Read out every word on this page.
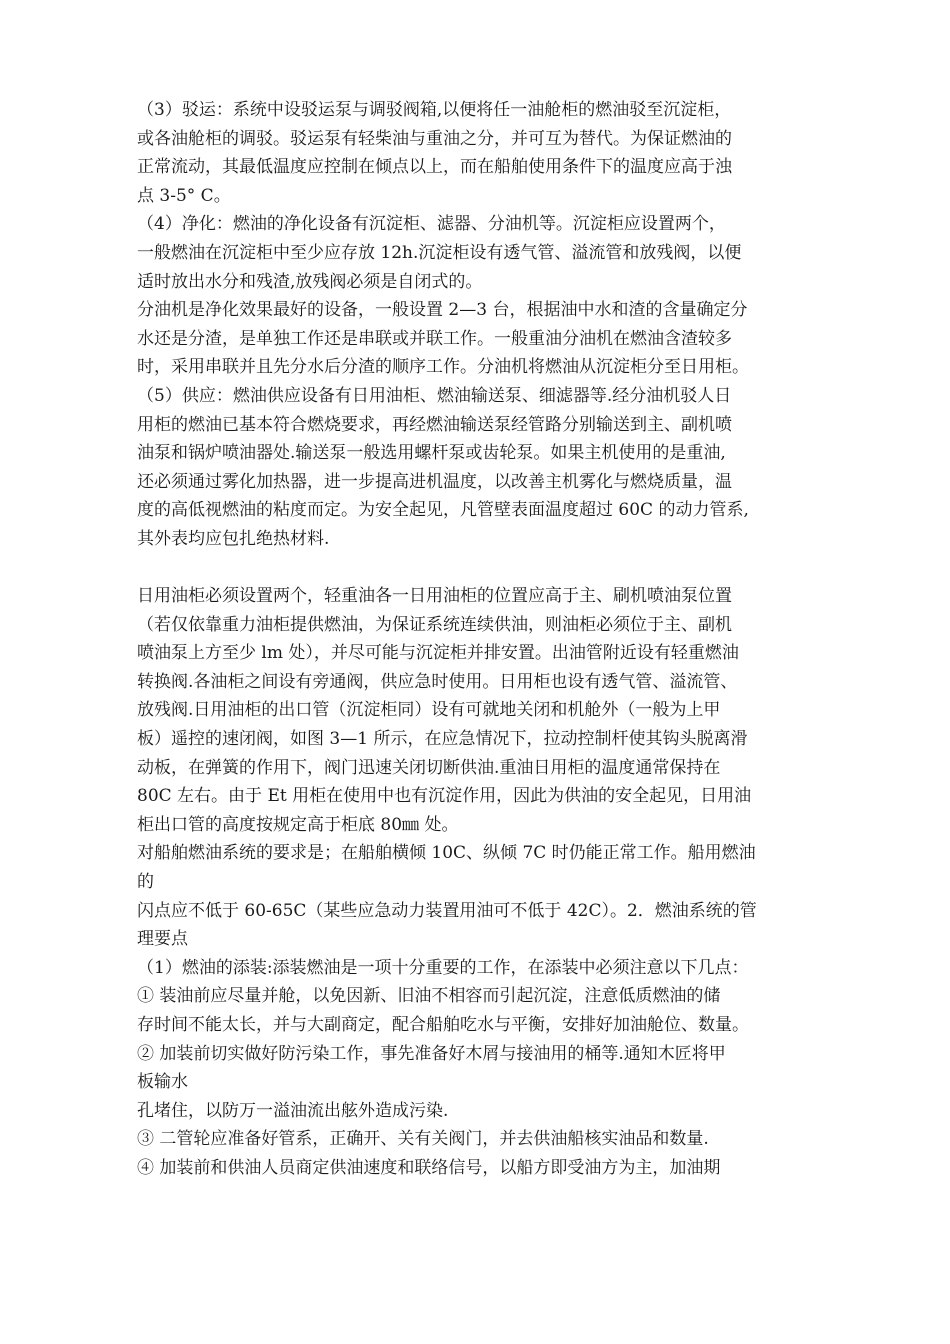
（3）驳运：系统中设驳运泵与调驳阀箱,以便将任一油舱柜的燃油驳至沉淀柜，
或各油舱柜的调驳。驳运泵有轻柴油与重油之分，并可互为替代。为保证燃油的
正常流动，其最低温度应控制在倾点以上，而在船舶使用条件下的温度应高于浊
点 3-5° C。
（4）净化：燃油的净化设备有沉淀柜、滤器、分油机等。沉淀柜应设置两个，
一般燃油在沉淀柜中至少应存放 12h.沉淀柜设有透气管、溢流管和放残阀，以便
适时放出水分和残渣,放残阀必须是自闭式的。
分油机是净化效果最好的设备，一般设置 2—3 台，根据油中水和渣的含量确定分
水还是分渣，是单独工作还是串联或并联工作。一般重油分油机在燃油含渣较多
时，采用串联并且先分水后分渣的顺序工作。分油机将燃油从沉淀柜分至日用柜。
（5）供应：燃油供应设备有日用油柜、燃油输送泵、细滤器等.经分油机驳人日
用柜的燃油已基本符合燃烧要求，再经燃油输送泵经管路分别输送到主、副机喷
油泵和锅炉喷油器处.输送泵一般选用螺杆泵或齿轮泵。如果主机使用的是重油,
还必须通过雾化加热器，进一步提高进机温度，以改善主机雾化与燃烧质量，温
度的高低视燃油的粘度而定。为安全起见，凡管壁表面温度超过 60C 的动力管系,
其外表均应包扎绝热材料.
日用油柜必须设置两个，轻重油各一日用油柜的位置应高于主、刷机喷油泵位置
（若仅依靠重力油柜提供燃油，为保证系统连续供油，则油柜必须位于主、副机
喷油泵上方至少 lm 处），并尽可能与沉淀柜并排安置。出油管附近设有轻重燃油
转换阀.各油柜之间设有旁通阀，供应急时使用。日用柜也设有透气管、溢流管、
放残阀.日用油柜的出口管（沉淀柜同）设有可就地关闭和机舱外（一般为上甲
板）遥控的速闭阀，如图 3—1 所示，在应急情况下，拉动控制杆使其钩头脱离滑
动板，在弹簧的作用下，阀门迅速关闭切断供油.重油日用柜的温度通常保持在
80C 左右。由于 Et 用柜在使用中也有沉淀作用，因此为供油的安全起见，日用油
柜出口管的高度按规定高于柜底 80㎜ 处。
对船舶燃油系统的要求是；在船舶横倾 10C、纵倾 7C 时仍能正常工作。船用燃油
的
闪点应不低于 60-65C（某些应急动力装置用油可不低于 42C）。2．燃油系统的管
理要点
（1）燃油的添装:添装燃油是一项十分重要的工作，在添装中必须注意以下几点：
① 装油前应尽量并舱，以免因新、旧油不相容而引起沉淀，注意低质燃油的储
存时间不能太长，并与大副商定，配合船舶吃水与平衡，安排好加油舱位、数量。
② 加装前切实做好防污染工作，事先准备好木屑与接油用的桶等.通知木匠将甲
板输水
孔堵住，以防万一溢油流出舷外造成污染.
③ 二管轮应准备好管系，正确开、关有关阀门，并去供油船核实油品和数量.
④ 加装前和供油人员商定供油速度和联络信号，以船方即受油方为主，加油期
